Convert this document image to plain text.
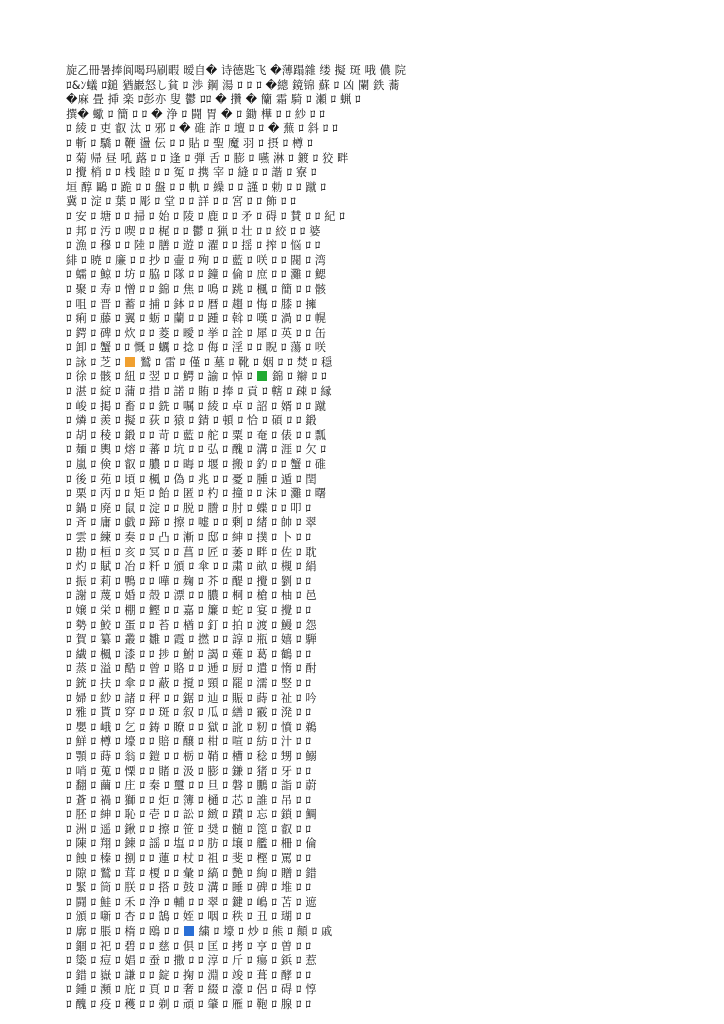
旋乙冊暑捧阆喝玛刷暇 暧自� 诗德匙飞 �薄蹋雜 缕 擬 斑 哦 儂 院
ﾛ&ﾝ蟻 ﾛ鎚 猶巖怒し貧 ﾛ 渉 鋼 湯 ﾛ ﾛ ﾛ �總 鏡锦 蘇 ﾛ 凶 闌 鉄 蕎
�麻 畳 挿 楽 ﾛ彭亦 叟 鬱 ﾛﾛ � 攢 � 籣 霜 騎 ﾛ 瀬 ﾛ 蝋 ﾛ
撰� 蠍 ﾛ 簡 ﾛ ﾛ � 浄 ﾛ 闘 胃 � ﾛ 鋤 樺 ﾛ ﾛ 紗 ﾛ ﾛ
ﾛ 綾 ﾛ 吏 叡 汰 ﾛ 邪 ﾛ � 碓 詐 ﾛ 壇 ﾛ ﾛ � 蕪 ﾛ 斜 ﾛ ﾛ
ﾛ 斬 ﾛ 驕 ﾛ 鞭 盪 伝 ﾛ ﾛ 貼 ﾛ 聖 魔 羽 ﾛ 摂 ﾛ 樽 ﾛ
ﾛ 菊 帰 昼 吼 蕗 ﾛ ﾛ 逢 ﾛ 弾 舌 ﾛ 膨 ﾛ 嚥 淋 ﾛ 鍍 ﾛ 狡 畔
ﾛ 攪 梢 ﾛ ﾛ 桟 睦 ﾛ ﾛ 冤 ﾛ 携 宰 ﾛ 縫 ﾛ ﾛ 諧 ﾛ 寮 ﾛ
垣 醇 鷗 ﾛ 跪 ﾛ ﾛ 盤 ﾛ ﾛ 軌 ﾛ 繰 ﾛ ﾛ 謹 ﾛ 勅 ﾛ ﾛ 蹴 ﾛ
冀 ﾛ 淀 ﾛ 葉 ﾛ 彫 ﾛ 堂 ﾛ ﾛ 詳 ﾛ ﾛ 宮 ﾛ ﾛ 飾 ﾛ ﾛ
ﾛ 安 ﾛ 塘 ﾛ ﾛ 掃 ﾛ 始 ﾛ 陵 ﾛ 鹿 ﾛ ﾛ 矛 ﾛ 碍 ﾛ 賛 ﾛ ﾛ 紀 ﾛ
ﾛ 邦 ﾛ 汚 ﾛ 喫 ﾛ ﾛ 梶 ﾛ ﾛ 鬱 ﾛ 猟 ﾛ 壮 ﾛ ﾛ 絞 ﾛ ﾛ 婆
ﾛ 漁 ﾛ 穆 ﾛ ﾛ 陸 ﾛ 膳 ﾛ 遊 ﾛ 濯 ﾛ ﾛ 揺 ﾛ 搾 ﾛ 悩 ﾛ ﾛ
緋 ﾛ 暁 ﾛ 廉 ﾛ ﾛ 抄 ﾛ 壷 ﾛ 殉 ﾛ ﾛ 藍 ﾛ 咲 ﾛ ﾛ 閥 ﾛ 湾
ﾛ 蠕 ﾛ 鯨 ﾛ 坊 ﾛ 脇 ﾛ 隊 ﾛ ﾛ 鐘 ﾛ 倫 ﾛ 庶 ﾛ ﾛ 灘 ﾛ 鰓
ﾛ 聚 ﾛ 寿 ﾛ 憎 ﾛ ﾛ 錦 ﾛ 焦 ﾛ 鳴 ﾛ 跳 ﾛ 楓 ﾛ 簡 ﾛ ﾛ 骸
ﾛ 咀 ﾛ 晋 ﾛ 蓄 ﾛ 捕 ﾛ 鉢 ﾛ ﾛ 暦 ﾛ 趨 ﾛ 悔 ﾛ 膝 ﾛ 擁
ﾛ 痢 ﾛ 藤 ﾛ 翼 ﾛ 蛎 ﾛ 蘭 ﾛ ﾛ 踵 ﾛ 斡 ﾛ 嘆 ﾛ 渦 ﾛ ﾛ 幌
ﾛ 鍔 ﾛ 碑 ﾛ 炊 ﾛ ﾛ 菱 ﾛ 曖 ﾛ 挙 ﾛ 詮 ﾛ 犀 ﾛ 英 ﾛ ﾛ 缶
ﾛ 卸 ﾛ 蟹 ﾛ ﾛ 慨 ﾛ 蠣 ﾛ 捻 ﾛ 侮 ﾛ 淫 ﾛ ﾛ 睨 ﾛ 蕩 ﾛ 咲
ﾛ 詠 ﾛ 芝 ﾛ  鷲 ﾛ 雷 ﾛ 僅 ﾛ 墓 ﾛ 靴 ﾛ 姻 ﾛ ﾛ 焚 ﾛ 穏
ﾛ 徐 ﾛ 骸 ﾛ 紐 ﾛ 翌 ﾛ ﾛ 鰐 ﾛ 諭 ﾛ 悼 ﾛ  錦 ﾛ 辮 ﾛ ﾛ
ﾛ 湛 ﾛ 綻 ﾛ 蒲 ﾛ 措 ﾛ 諾 ﾛ 賄 ﾛ 捧 ﾛ 貢 ﾛ 轄 ﾛ 疎 ﾛ 縁
ﾛ 峻 ﾛ 掲 ﾛ 畜 ﾛ ﾛ 銑 ﾛ 嘱 ﾛ 綾 ﾛ 卓 ﾛ 詔 ﾛ 婿 ﾛ ﾛ 蹴
ﾛ 燐 ﾛ 羨 ﾛ 擬 ﾛ 荻 ﾛ 猿 ﾛ 錆 ﾛ 頓 ﾛ 恰 ﾛ 碩 ﾛ ﾛ 鍛
ﾛ 胡 ﾛ 稜 ﾛ 鍛 ﾛ ﾛ 苛 ﾛ 藍 ﾛ 舵 ﾛ 粟 ﾛ 奄 ﾛ 俵 ﾛ ﾛ 瓢
ﾛ 麺 ﾛ 輿 ﾛ 熔 ﾛ 蕃 ﾛ 坑 ﾛ ﾛ 弘 ﾛ 醜 ﾛ 溝 ﾛ 涯 ﾛ 欠 ﾛ
ﾛ 嵐 ﾛ 倹 ﾛ 叡 ﾛ 膿 ﾛ ﾛ 晦 ﾛ 堰 ﾛ 搬 ﾛ 釣 ﾛ ﾛ 蟹 ﾛ 碓
ﾛ 後 ﾛ 苑 ﾛ 頃 ﾛ 楓 ﾛ 偽 ﾛ 兆 ﾛ ﾛ 憂 ﾛ 腫 ﾛ 遁 ﾛ 閏
ﾛ 栗 ﾛ 丙 ﾛ ﾛ 矩 ﾛ 飴 ﾛ 匿 ﾛ 杓 ﾛ 撞 ﾛ ﾛ 沫 ﾛ 灘 ﾛ 曙
ﾛ 鍋 ﾛ 廃 ﾛ 鼠 ﾛ 淀 ﾛ ﾛ 脱 ﾛ 謄 ﾛ 肘 ﾛ 蝶 ﾛ ﾛ 叩 ﾛ
ﾛ 斉 ﾛ 庸 ﾛ 戯 ﾛ 蹄 ﾛ 擦 ﾛ 嘘 ﾛ ﾛ 剰 ﾛ 緒 ﾛ 帥 ﾛ 翠
ﾛ 雲 ﾛ 練 ﾛ 奏 ﾛ ﾛ 凸 ﾛ 漸 ﾛ 邸 ﾛ 紳 ﾛ 撲 ﾛ 卜 ﾛ ﾛ
ﾛ 勘 ﾛ 桓 ﾛ 亥 ﾛ 冥 ﾛ ﾛ 菖 ﾛ 匠 ﾛ 萎 ﾛ 畔 ﾛ 佐 ﾛ 耽
ﾛ 灼 ﾛ 賦 ﾛ 冶 ﾛ 粁 ﾛ 頒 ﾛ 傘 ﾛ ﾛ 粛 ﾛ 畝 ﾛ 槻 ﾛ 絹
ﾛ 振 ﾛ 莉 ﾛ 鴨 ﾛ ﾛ 嘩 ﾛ 麹 ﾛ 芥 ﾛ 醍 ﾛ 攪 ﾛ 劉 ﾛ ﾛ
ﾛ 謝 ﾛ 蔑 ﾛ 婚 ﾛ 殻 ﾛ 漂 ﾛ ﾛ 膿 ﾛ 桐 ﾛ 槍 ﾛ 柚 ﾛ 邑
ﾛ 嬢 ﾛ 栄 ﾛ 棚 ﾛ 鰹 ﾛ ﾛ 嘉 ﾛ 簾 ﾛ 蛇 ﾛ 宴 ﾛ 攪 ﾛ ﾛ
ﾛ 勢 ﾛ 鮫 ﾛ 蛋 ﾛ ﾛ 苔 ﾛ 楢 ﾛ 釘 ﾛ 拍 ﾛ 渡 ﾛ 鰻 ﾛ 怨
ﾛ 賀 ﾛ 纂 ﾛ 叢 ﾛ 雛 ﾛ 霞 ﾛ 撚 ﾛ ﾛ 諄 ﾛ 瓶 ﾛ 嬉 ﾛ 騨
ﾛ 繊 ﾛ 楓 ﾛ 漆 ﾛ ﾛ 捗 ﾛ 鮒 ﾛ 謁 ﾛ 薙 ﾛ 葛 ﾛ 鶴 ﾛ ﾛ
ﾛ 蒸 ﾛ 溢 ﾛ 酷 ﾛ 曾 ﾛ 賂 ﾛ ﾛ 逓 ﾛ 厨 ﾛ 遣 ﾛ 惰 ﾛ 酎
ﾛ 銃 ﾛ 扶 ﾛ 傘 ﾛ ﾛ 蔽 ﾛ 撹 ﾛ 頸 ﾛ 罷 ﾛ 濡 ﾛ 竪 ﾛ ﾛ
ﾛ 婦 ﾛ 紗 ﾛ 諸 ﾛ 秤 ﾛ ﾛ 鋸 ﾛ 辿 ﾛ 賑 ﾛ 蒔 ﾛ 祉 ﾛ 吟
ﾛ 雅 ﾛ 貰 ﾛ 穿 ﾛ ﾛ 斑 ﾛ 叙 ﾛ 瓜 ﾛ 繕 ﾛ 霰 ﾛ 溌 ﾛ ﾛ
ﾛ 嬰 ﾛ 峨 ﾛ 乞 ﾛ 鋳 ﾛ 瞭 ﾛ ﾛ 獄 ﾛ 訛 ﾛ 籾 ﾛ 憤 ﾛ 鵜
ﾛ 鮮 ﾛ 樽 ﾛ 壕 ﾛ ﾛ 賠 ﾛ 醸 ﾛ 柑 ﾛ 喧 ﾛ 紡 ﾛ 汁 ﾛ ﾛ
ﾛ 顎 ﾛ 蒔 ﾛ 翁 ﾛ 鎧 ﾛ ﾛ 栃 ﾛ 鞘 ﾛ 槽 ﾛ 稔 ﾛ 甥 ﾛ 鰯
ﾛ 哨 ﾛ 蒐 ﾛ 慄 ﾛ ﾛ 賭 ﾛ 汲 ﾛ 膨 ﾛ 鎌 ﾛ 猪 ﾛ 牙 ﾛ ﾛ
ﾛ 翻 ﾛ 繭 ﾛ 庄 ﾛ 秦 ﾛ 璽 ﾛ ﾛ 旦 ﾛ 磐 ﾛ 鵬 ﾛ 詣 ﾛ 蔚
ﾛ 蒼 ﾛ 禍 ﾛ 獅 ﾛ ﾛ 炬 ﾛ 簿 ﾛ 樋 ﾛ 芯 ﾛ 誰 ﾛ 吊 ﾛ ﾛ
ﾛ 胚 ﾛ 紳 ﾛ 恥 ﾛ 壱 ﾛ ﾛ 訟 ﾛ 緻 ﾛ 蹟 ﾛ 忘 ﾛ 鎖 ﾛ 鯛
ﾛ 洲 ﾛ 遥 ﾛ 鍬 ﾛ ﾛ 擦 ﾛ 笹 ﾛ 奨 ﾛ 髄 ﾛ 箆 ﾛ 叡 ﾛ ﾛ
ﾛ 陳 ﾛ 翔 ﾛ 錬 ﾛ 謡 ﾛ 塩 ﾛ ﾛ 肪 ﾛ 壌 ﾛ 艦 ﾛ 柵 ﾛ 倫
ﾛ 蝕 ﾛ 榛 ﾛ 捌 ﾛ ﾛ 蓮 ﾛ 杖 ﾛ 祖 ﾛ 斐 ﾛ 樫 ﾛ 罵 ﾛ ﾛ
ﾛ 隙 ﾛ 鷲 ﾛ 茸 ﾛ 榎 ﾛ ﾛ 彙 ﾛ 縞 ﾛ 艶 ﾛ 絢 ﾛ 贈 ﾛ 錯
ﾛ 緊 ﾛ 筒 ﾛ 朕 ﾛ ﾛ 搭 ﾛ 鼓 ﾛ 溝 ﾛ 睡 ﾛ 碑 ﾛ 堆 ﾛ ﾛ
ﾛ 闘 ﾛ 鮭 ﾛ 禾 ﾛ 浄 ﾛ 輔 ﾛ ﾛ 翠 ﾛ 鍵 ﾛ 嶋 ﾛ 苫 ﾛ 遮
ﾛ 頒 ﾛ 噺 ﾛ 杏 ﾛ ﾛ 鵠 ﾛ 姪 ﾛ 咽 ﾛ 秩 ﾛ 丑 ﾛ 瑚 ﾛ ﾛ
ﾛ 廓 ﾛ 脹 ﾛ 楕 ﾛ 鴎 ﾛ ﾛ  繍 ﾛ 壕 ﾛ 炒 ﾛ 熊 ﾛ 顛 ﾛ 戚
ﾛ 錮 ﾛ 祀 ﾛ 碧 ﾛ ﾛ 慈 ﾛ 倶 ﾛ 匡 ﾛ 拷 ﾛ 亨 ﾛ 曽 ﾛ ﾛ
ﾛ 簗 ﾛ 痘 ﾛ 娼 ﾛ 蚕 ﾛ 撒 ﾛ ﾛ 淳 ﾛ 斤 ﾛ 瘍 ﾛ 鋲 ﾛ 惹
ﾛ 錯 ﾛ 嶽 ﾛ 謙 ﾛ ﾛ 錠 ﾛ 掬 ﾛ 淵 ﾛ 竣 ﾛ 葺 ﾛ 酵 ﾛ ﾛ
ﾛ 鍾 ﾛ 瀕 ﾛ 庇 ﾛ 頁 ﾛ ﾛ 奢 ﾛ 綴 ﾛ 濠 ﾛ 侶 ﾛ 碍 ﾛ 惇
ﾛ 醜 ﾛ 疫 ﾛ 穫 ﾛ ﾛ 剃 ﾛ 頑 ﾛ 肇 ﾛ 雁 ﾛ 鞄 ﾛ 腺 ﾛ ﾛ
